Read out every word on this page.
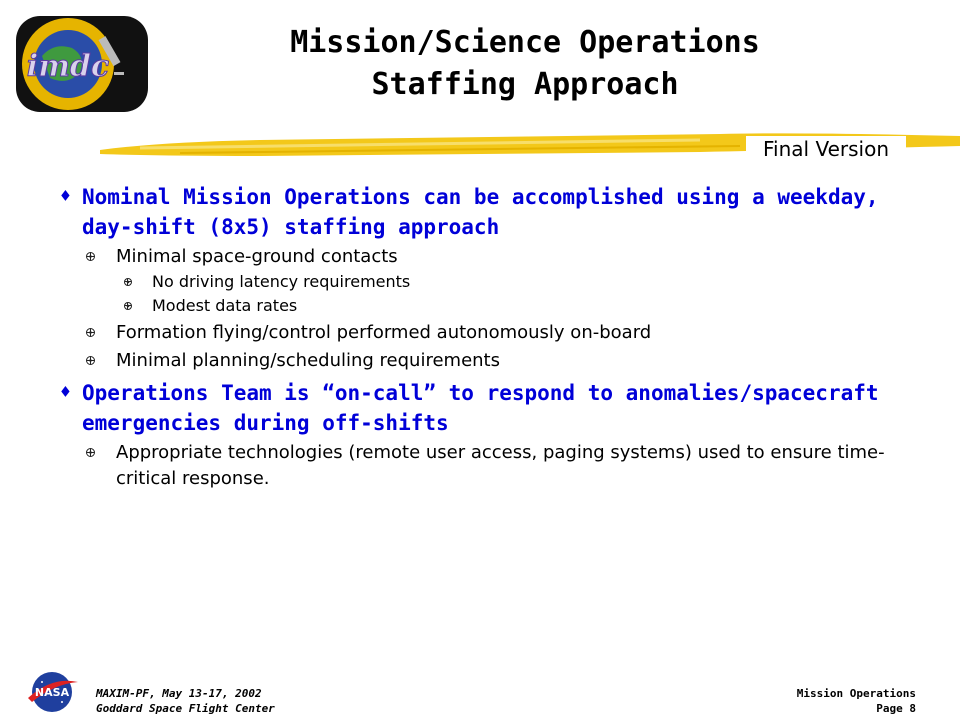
imdc
Mission/Science Operations
Staffing Approach
Final Version
♦ Nominal Mission Operations can be accomplished using a weekday, day-shift (8x5) staffing approach
Minimal space-ground contacts
No driving latency requirements
Modest data rates
Formation flying/control performed autonomously on-board
Minimal planning/scheduling requirements
♦ Operations Team is “on-call” to respond to anomalies/spacecraft emergencies during off-shifts
Appropriate technologies (remote user access, paging systems) used to ensure time-critical response.
NASA MAXIM-PF, May 13-17, 2002
Goddard Space Flight Center
Mission Operations
Page 8
